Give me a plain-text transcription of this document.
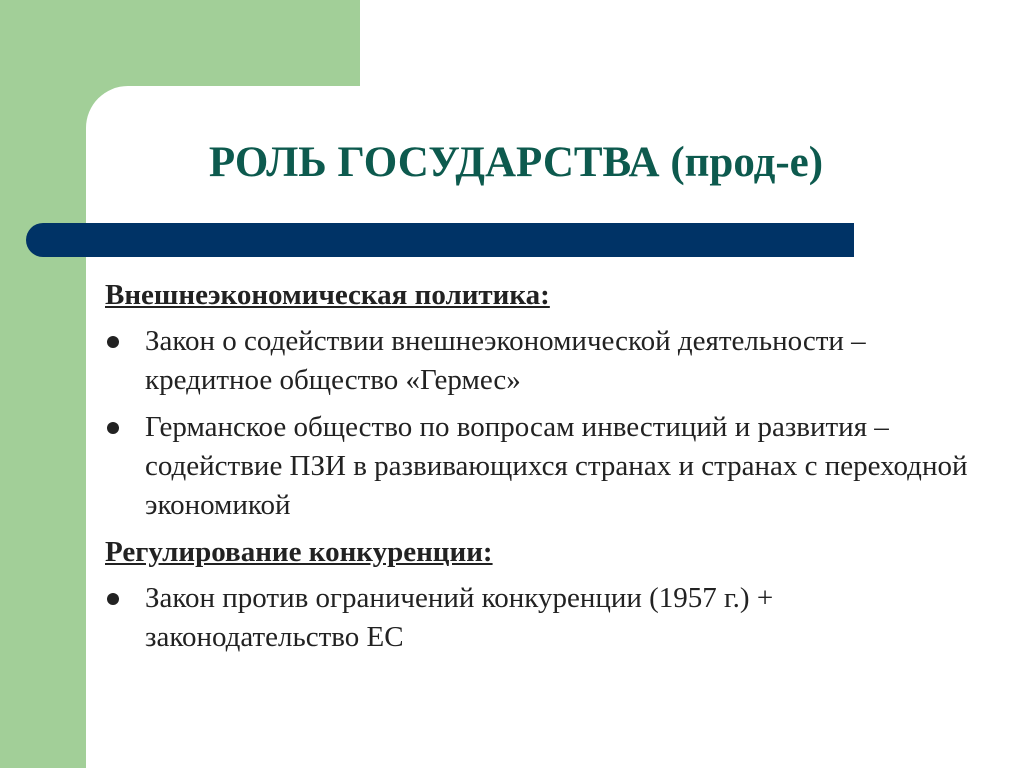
РОЛЬ ГОСУДАРСТВА (прод-е)
Внешнеэкономическая политика:
Закон о содействии внешнеэкономической деятельности – кредитное общество «Гермес»
Германское общество по вопросам инвестиций и развития – содействие ПЗИ в развивающихся странах и странах с переходной экономикой
Регулирование конкуренции:
Закон против ограничений конкуренции (1957 г.) + законодательство ЕС
